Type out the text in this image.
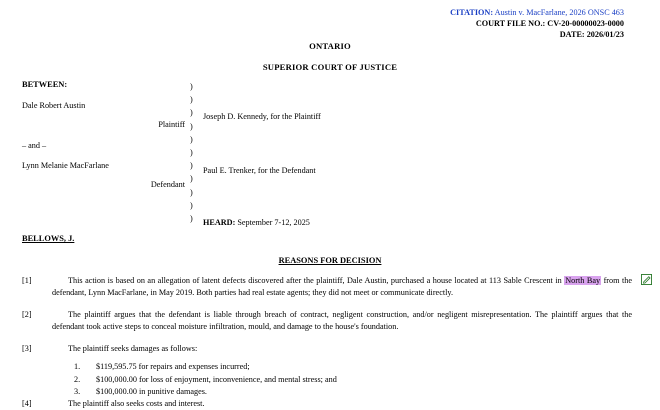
CITATION: Austin v. MacFarlane, 2026 ONSC 463
COURT FILE NO.: CV-20-00000023-0000
DATE: 2026/01/23
ONTARIO
SUPERIOR COURT OF JUSTICE
BETWEEN:
Dale Robert Austin
Plaintiff
– and –
Lynn Melanie MacFarlane
Defendant
)
)
)
)
)
)
)
)
)
)
)
Joseph D. Kennedy, for the Plaintiff
Paul E. Trenker, for the Defendant
HEARD: September 7-12, 2025
BELLOWS, J.
REASONS FOR DECISION
[1]	This action is based on an allegation of latent defects discovered after the plaintiff, Dale Austin, purchased a house located at 113 Sable Crescent in North Bay from the defendant, Lynn MacFarlane, in May 2019. Both parties had real estate agents; they did not meet or communicate directly.
[2]	The plaintiff argues that the defendant is liable through breach of contract, negligent construction, and/or negligent misrepresentation. The plaintiff argues that the defendant took active steps to conceal moisture infiltration, mould, and damage to the house's foundation.
[3]	The plaintiff seeks damages as follows:
1. $119,595.75 for repairs and expenses incurred;
2. $100,000.00 for loss of enjoyment, inconvenience, and mental stress; and
3. $100,000.00 in punitive damages.
[4]	The plaintiff also seeks costs and interest.
